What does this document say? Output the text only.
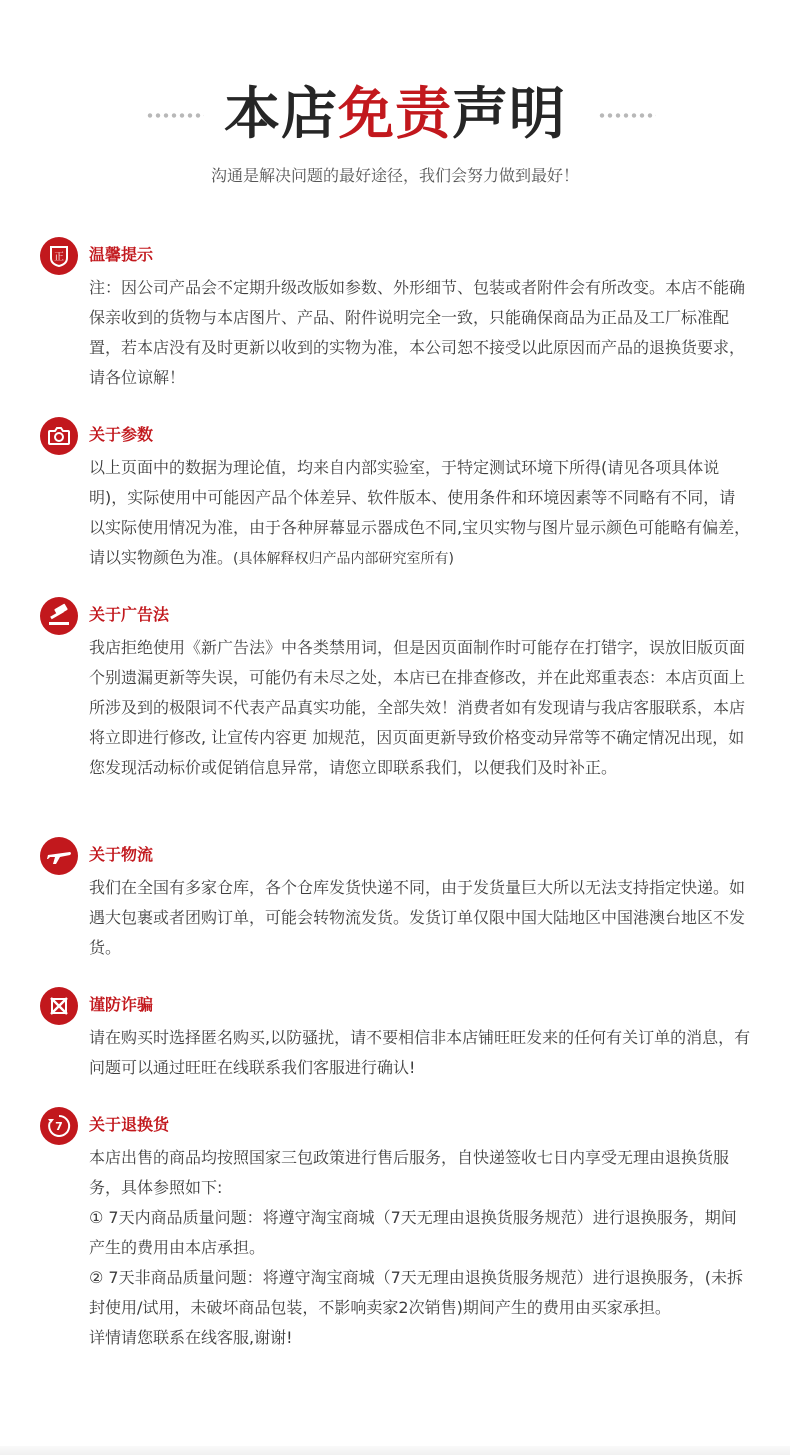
本店免责声明
沟通是解决问题的最好途径，我们会努力做到最好！
正 温馨提示

注：因公司产品会不定期升级改版如参数、外形细节、包装或者附件会有所改变。本店不能确保亲收到的货物与本店图片、产品、附件说明完全一致，只能确保商品为正品及工厂标准配置，若本店没有及时更新以收到的实物为准，本公司恕不接受以此原因而产品的退换货要求，请各位谅解！

关于参数

以上页面中的数据为理论值，均来自内部实验室，于特定测试环境下所得(请见各项具体说明)，实际使用中可能因产品个体差异、软件版本、使用条件和环境因素等不同略有不同，请以实际使用情况为准，由于各种屏幕显示器成色不同,宝贝实物与图片显示颜色可能略有偏差，请以实物颜色为准。(具体解释权归产品内部研究室所有)

关于广告法

我店拒绝使用《新广告法》中各类禁用词，但是因页面制作时可能存在打错字，误放旧版页面个别遗漏更新等失误，可能仍有未尽之处，本店已在排查修改，并在此郑重表态：本店页面上所涉及到的极限词不代表产品真实功能，全部失效！消费者如有发现请与我店客服联系，本店将立即进行修改, 让宣传内容更 加规范，因页面更新导致价格变动异常等不确定情况出现，如您发现活动标价或促销信息异常，请您立即联系我们，以便我们及时补正。

关于物流

我们在全国有多家仓库，各个仓库发货快递不同，由于发货量巨大所以无法支持指定快递。如遇大包裹或者团购订单，可能会转物流发货。发货订单仅限中国大陆地区中国港澳台地区不发货。

谨防诈骗

请在购买时选择匿名购买,以防骚扰，请不要相信非本店铺旺旺发来的任何有关订单的消息，有问题可以通过旺旺在线联系我们客服进行确认!

7 关于退换货

本店出售的商品均按照国家三包政策进行售后服务，自快递签收七日内享受无理由退换货服务，具体参照如下:

① 7天内商品质量问题：将遵守淘宝商城（7天无理由退换货服务规范）进行退换服务，期间产生的费用由本店承担。

② 7天非商品质量问题：将遵守淘宝商城（7天无理由退换货服务规范）进行退换服务，(未拆封使用/试用，未破坏商品包装，不影响卖家2次销售)期间产生的费用由买家承担。

详情请您联系在线客服,谢谢!
